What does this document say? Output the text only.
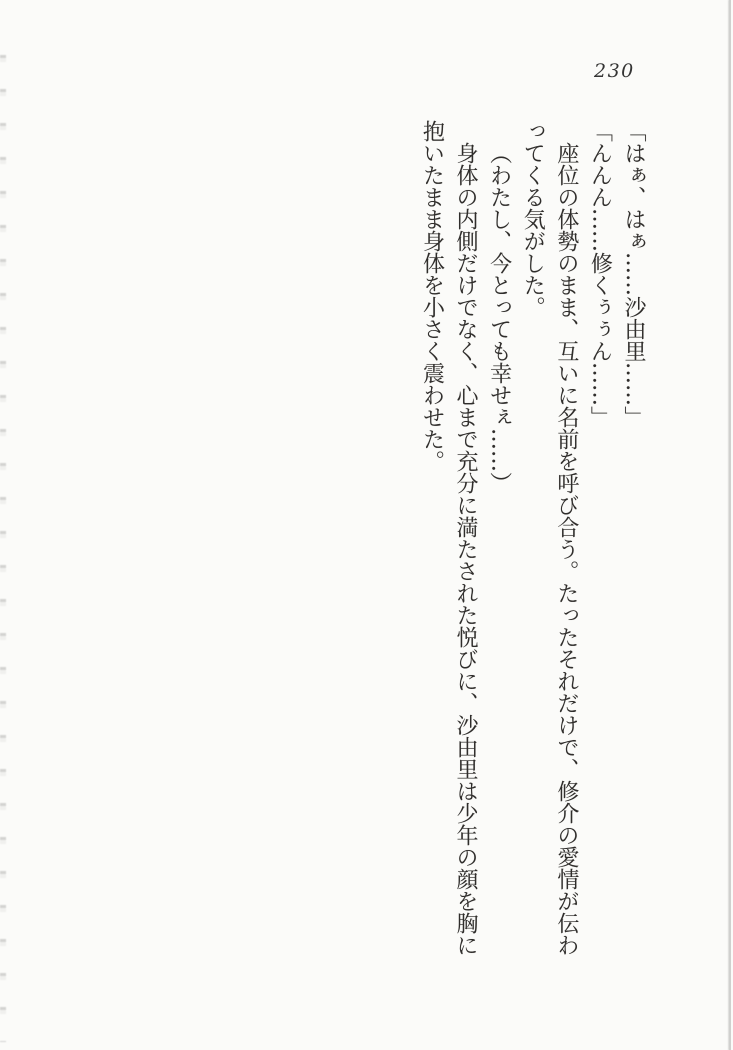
230

「はぁ、はぁ……沙由里……」

「んんん……修くぅぅん……」

座位の体勢のまま、互いに名前を呼び合う。たったそれだけで、修介の愛情が伝わ

ってくる気がした。

（わたし、今とっても幸せぇ……）

身体の内側だけでなく、心まで充分に満たされた悦びに、沙由里は少年の顔を胸に

抱いたまま身体を小さく震わせた。
